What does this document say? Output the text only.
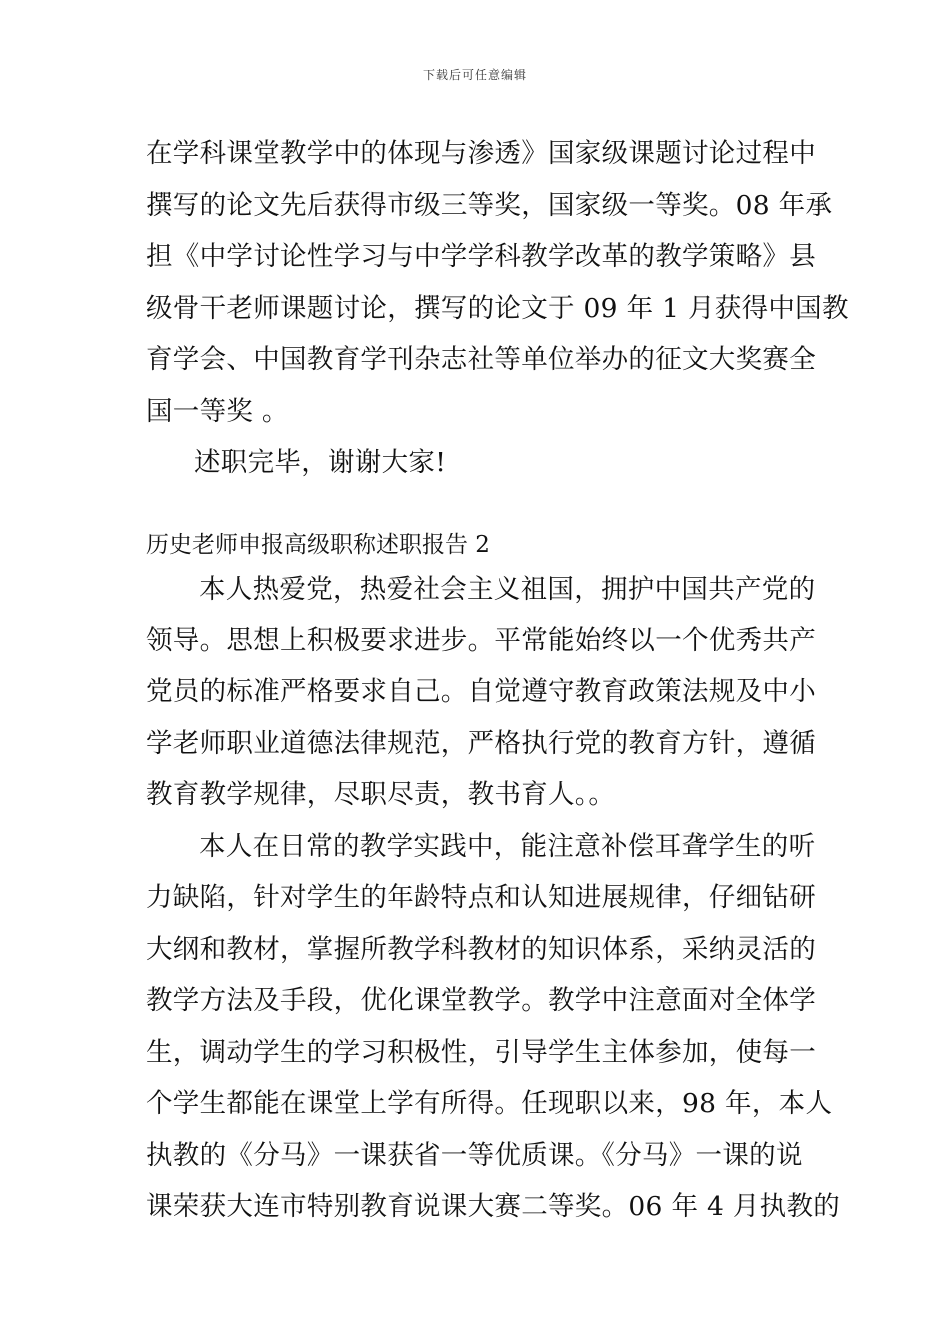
下载后可任意编辑
在学科课堂教学中的体现与渗透》国家级课题讨论过程中
撰写的论文先后获得市级三等奖，国家级一等奖。08 年承
担《中学讨论性学习与中学学科教学改革的教学策略》县
级骨干老师课题讨论，撰写的论文于 09 年 1 月获得中国教
育学会、中国教育学刊杂志社等单位举办的征文大奖赛全
国一等奖 。
述职完毕，谢谢大家!
历史老师申报高级职称述职报告 2
本人热爱党，热爱社会主义祖国，拥护中国共产党的
领导。思想上积极要求进步。平常能始终以一个优秀共产
党员的标准严格要求自己。自觉遵守教育政策法规及中小
学老师职业道德法律规范，严格执行党的教育方针，遵循
教育教学规律，尽职尽责，教书育人。。
本人在日常的教学实践中，能注意补偿耳聋学生的听
力缺陷，针对学生的年龄特点和认知进展规律，仔细钻研
大纲和教材，掌握所教学科教材的知识体系，采纳灵活的
教学方法及手段，优化课堂教学。教学中注意面对全体学
生，调动学生的学习积极性，引导学生主体参加，使每一
个学生都能在课堂上学有所得。任现职以来，98 年，本人
执教的《分马》一课获省一等优质课。《分马》一课的说
课荣获大连市特别教育说课大赛二等奖。06 年 4 月执教的
